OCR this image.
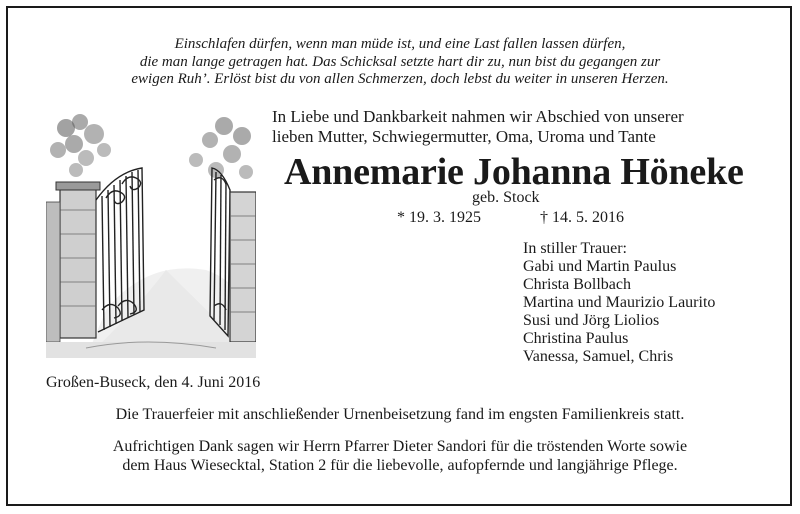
Einschlafen dürfen, wenn man müde ist, und eine Last fallen lassen dürfen,
die man lange getragen hat. Das Schicksal setzte hart dir zu, nun bist du gegangen zur
ewigen Ruh’. Erlöst bist du von allen Schmerzen, doch lebst du weiter in unseren Herzen.
In Liebe und Dankbarkeit nahmen wir Abschied von unserer
lieben Mutter, Schwiegermutter, Oma, Uroma und Tante
Annemarie Johanna Höneke
geb. Stock
* 19. 3. 1925	† 14. 5. 2016
In stiller Trauer:
Gabi und Martin Paulus
Christa Bollbach
Martina und Maurizio Laurito
Susi und Jörg Liolios
Christina Paulus
Vanessa, Samuel, Chris
Großen-Buseck, den 4. Juni 2016
Die Trauerfeier mit anschließender Urnenbeisetzung fand im engsten Familienkreis statt.
Aufrichtigen Dank sagen wir Herrn Pfarrer Dieter Sandori für die tröstenden Worte sowie
dem Haus Wiesecktal, Station 2 für die liebevolle, aufopfernde und langjährige Pflege.
